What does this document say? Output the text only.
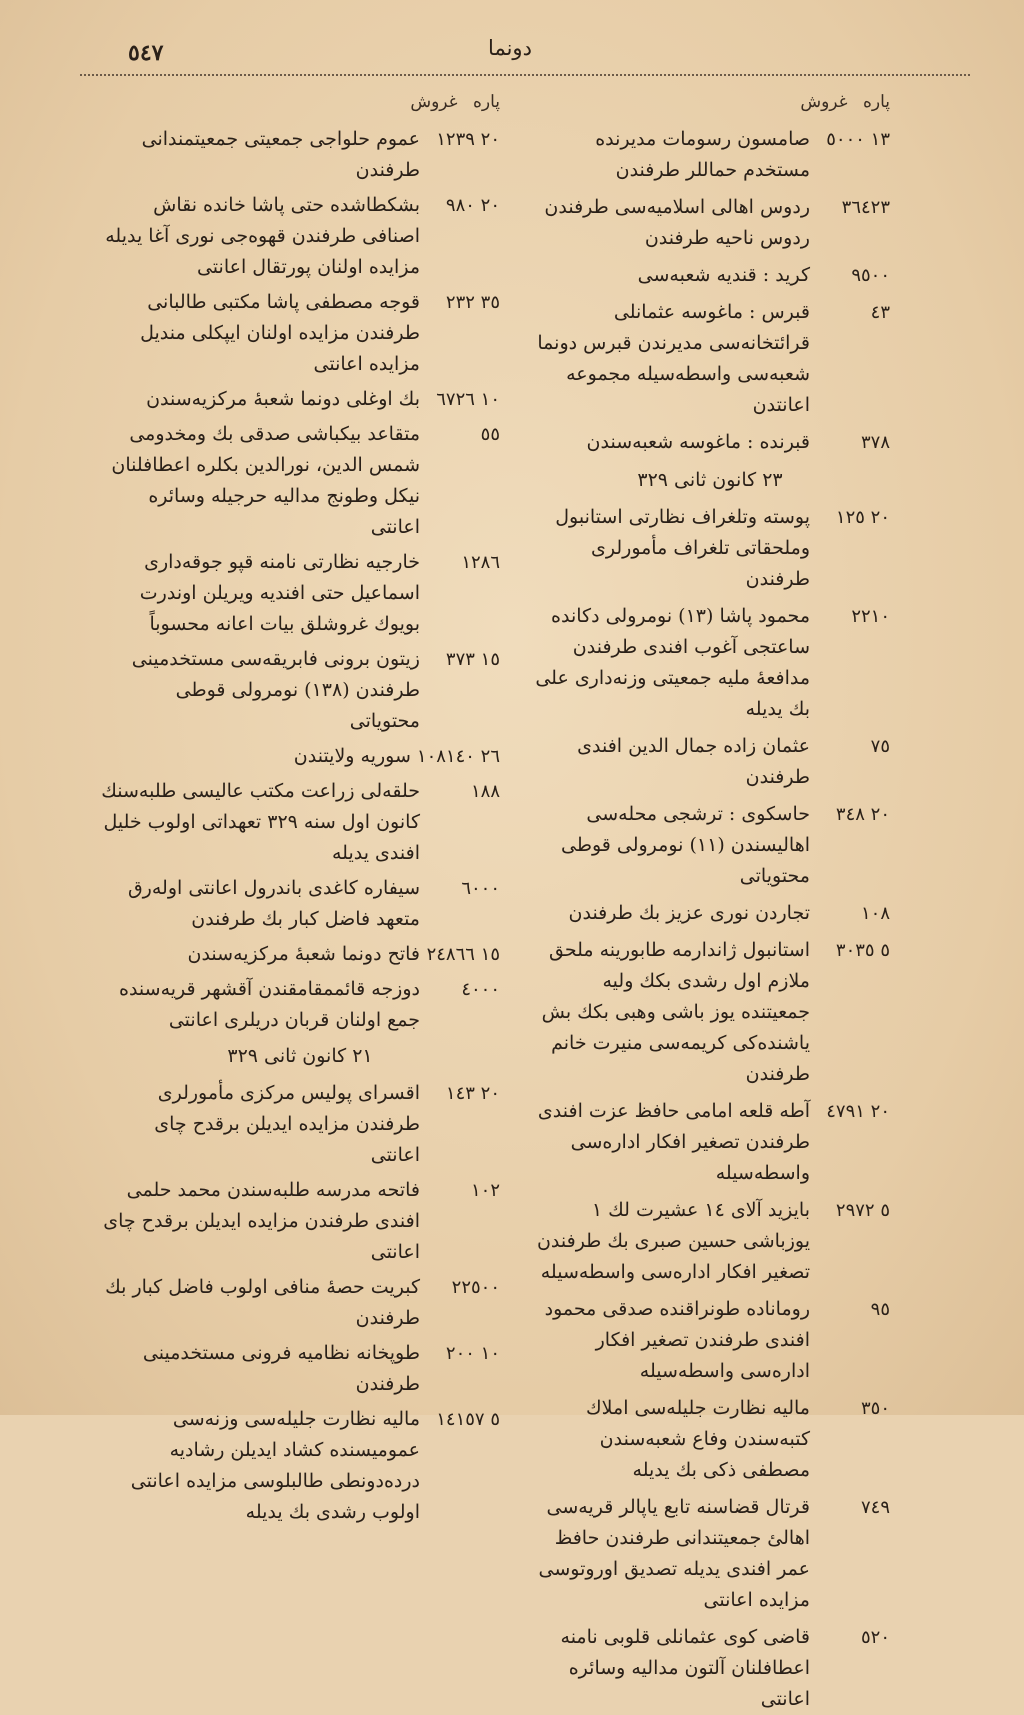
٥٤٧	دونما
پاره غروش
١٣ ٥٠٠٠
صامسون رسومات مديرنده مستخدم حماللر طرفندن
٣٦٤٢٣
ردوس اهالى اسلاميه‌سى طرفندن ردوس ناحيه طرفندن
٩٥٠٠
كريد : قنديه شعبه‌سى
٤٣
قبرس : ماغوسه عثمانلى قرائتخانه‌سى مديرندن قبرس دونما شعبه‌سى واسطه‌سيله مجموعه اعانتدن
٣٧٨
قبرنده : ماغوسه شعبه‌سندن
٢٣ كانون ثانى ٣٢٩
٢٠ ١٢٥
پوسته وتلغراف نظارتى استانبول وملحقاتى تلغراف مأمورلرى طرفندن
٢٢١٠
محمود پاشا (١٣) نومرولى دكانده ساعتجى آغوب افندى طرفندن مدافعهٔ مليه جمعيتى وزنه‌دارى على بك يديله
٧٥
عثمان زاده جمال الدين افندى طرفندن
٢٠ ٣٤٨
حاسكوى : ترشجى محله‌سى اهاليسندن (١١) نومرولى قوطى محتوياتى
١٠٨
تجاردن نورى عزيز بك طرفندن
٥ ٣٠٣٥
استانبول ژاندارمه طابورينه ملحق ملازم اول رشدى بكك وليه جمعيتنده يوز باشى وهبى بكك بش ياشنده‌كى كريمه‌سى منيرت خانم طرفندن
٢٠ ٤٧٩١
آطه قلعه امامى حافظ عزت افندى طرفندن تصغير افكار اداره‌سى واسطه‌سيله
٥ ٢٩٧٢
بايزيد آلاى ١٤ عشيرت لك ١ يوزباشى حسين صبرى بك طرفندن تصغير افكار اداره‌سى واسطه‌سيله
٩٥
روماناده طونراقنده صدقى محمود افندى طرفندن تصغير افكار اداره‌سى واسطه‌سيله
٣٥٠
ماليه نظارت جليله‌سى املاك كتبه‌سندن وفاع شعبه‌سندن مصطفى ذكى بك يديله
٧٤٩
قرتال قضاسنه تابع ياپالر قريه‌سى اهالئ جمعيتندانى طرفندن حافظ عمر افندى يديله تصديق اوروتوسى مزايده اعانتى
٥٢٠
قاضى كوى عثمانلى قلوبى نامنه اعطافلنان آلتون مداليه وسائره اعانتى
پاره غروش
٢٠ ١٢٣٩
عموم حلواجى جمعيتى جمعيتمندانى طرفندن
٢٠ ٩٨٠
بشكطاشده حتى پاشا خانده نقاش اصنافى طرفندن قهوه‌جى نورى آغا يديله مزايده اولنان پورتقال اعانتى
٣٥ ٢٣٢
قوجه مصطفى پاشا مكتبى طالبانى طرفندن مزايده اولنان ايپكلى منديل مزايده اعانتى
١٠ ٦٧٢٦
بك اوغلى دونما شعبهٔ مركزيه‌سندن
٥٥
متقاعد بيكباشى صدقى بك ومخدومى شمس الدين، نورالدين بكلره اعطافلنان نيكل وطونج مداليه حرجيله وسائره اعانتى
١٢٨٦
خارجيه نظارتى نامنه قپو جوقه‌دارى اسماعيل حتى افنديه ويريلن اوندرت بويوك غروشلق بيات اعانه محسوباً
١٥ ٣٧٣
زيتون برونى فابريقه‌سى مستخدمينى طرفندن (١٣٨) نومرولى قوطى محتوياتى
٢٦ ١٠٨١٤٠
سوريه ولايتندن
١٨٨
حلقه‌لى زراعت مكتب عاليسى طلبه‌سنك كانون اول سنه ٣٢٩ تعهداتى اولوب خليل افندى يديله
٦٠٠٠
سيفاره كاغدى باندرول اعانتى اوله‌رق متعهد فاضل كبار بك طرفندن
١٥ ٢٤٨٦٦
فاتح دونما شعبهٔ مركزيه‌سندن
٤٠٠٠
دوزجه قائممقامقندن آقشهر قريه‌سنده جمع اولنان قربان دريلرى اعانتى
٢١ كانون ثانى ٣٢٩
٢٠ ١٤٣
اقسراى پوليس مركزى مأمورلرى طرفندن مزايده ايديلن برقدح چاى اعانتى
١٠٢
فاتحه مدرسه طلبه‌سندن محمد حلمى افندى طرفندن مزايده ايديلن برقدح چاى اعانتى
٢٢٥٠٠
كبريت حصهٔ منافى اولوب فاضل كبار بك طرفندن
١٠ ٢٠٠
طوپخانه نظاميه فرونى مستخدمينى طرفندن
٥ ١٤١٥٧
ماليه نظارت جليله‌سى وزنه‌سى عموميسنده كشاد ايديلن رشاديه درده‌دونطى طالبلوسى مزايده اعانتى اولوب رشدى بك يديله
